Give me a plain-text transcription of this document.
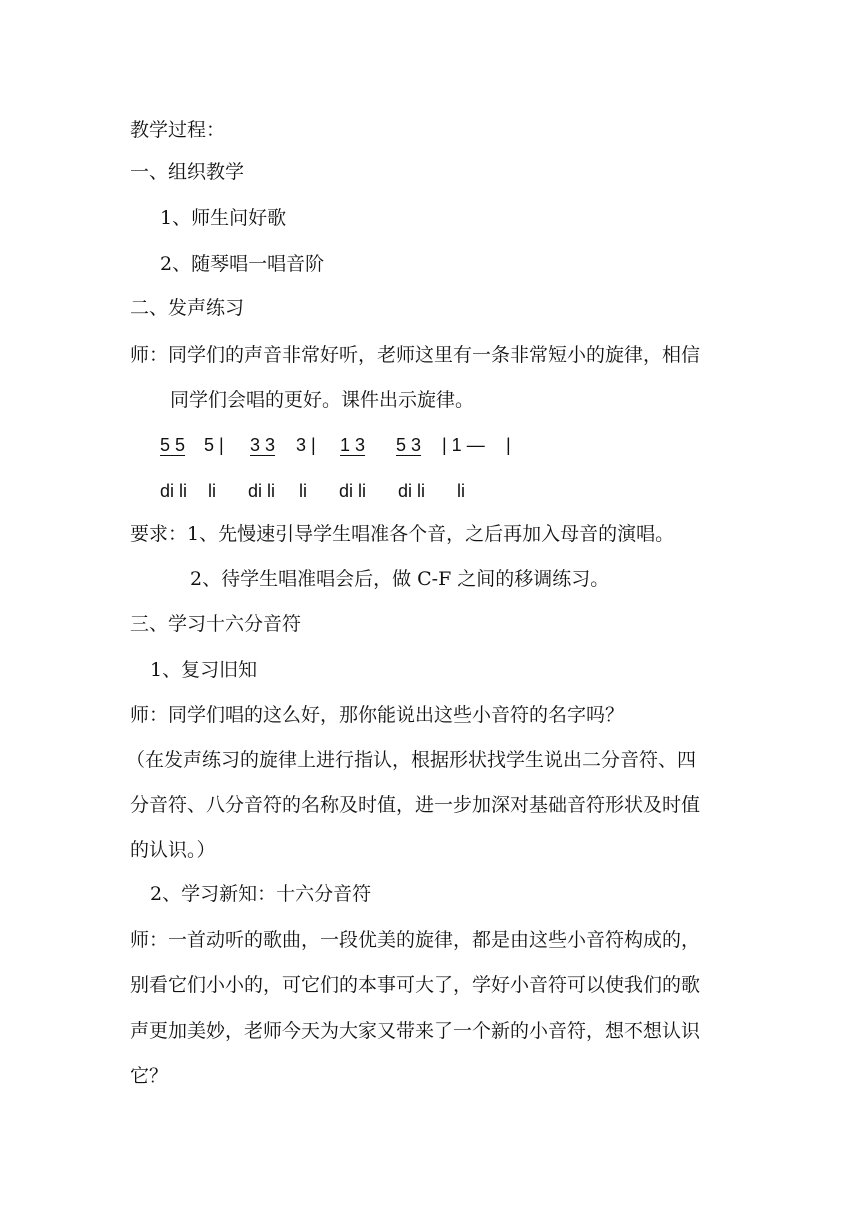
教学过程：
一、组织教学
1、师生问好歌
2、随琴唱一唱音阶
二、发声练习
师：同学们的声音非常好听，老师这里有一条非常短小的旋律，相信
同学们会唱的更好。课件出示旋律。
5 5 5 | 3 3 3 | 1 3 5 3 | 1 — |
di li li di li li di li di li li
要求：1、先慢速引导学生唱准各个音，之后再加入母音的演唱。
2、待学生唱准唱会后，做 C-F 之间的移调练习。
三、学习十六分音符
1、复习旧知
师：同学们唱的这么好，那你能说出这些小音符的名字吗？
（在发声练习的旋律上进行指认，根据形状找学生说出二分音符、四
分音符、八分音符的名称及时值，进一步加深对基础音符形状及时值
的认识。）
2、学习新知：十六分音符
师：一首动听的歌曲，一段优美的旋律，都是由这些小音符构成的，
别看它们小小的，可它们的本事可大了，学好小音符可以使我们的歌
声更加美妙，老师今天为大家又带来了一个新的小音符，想不想认识
它？
